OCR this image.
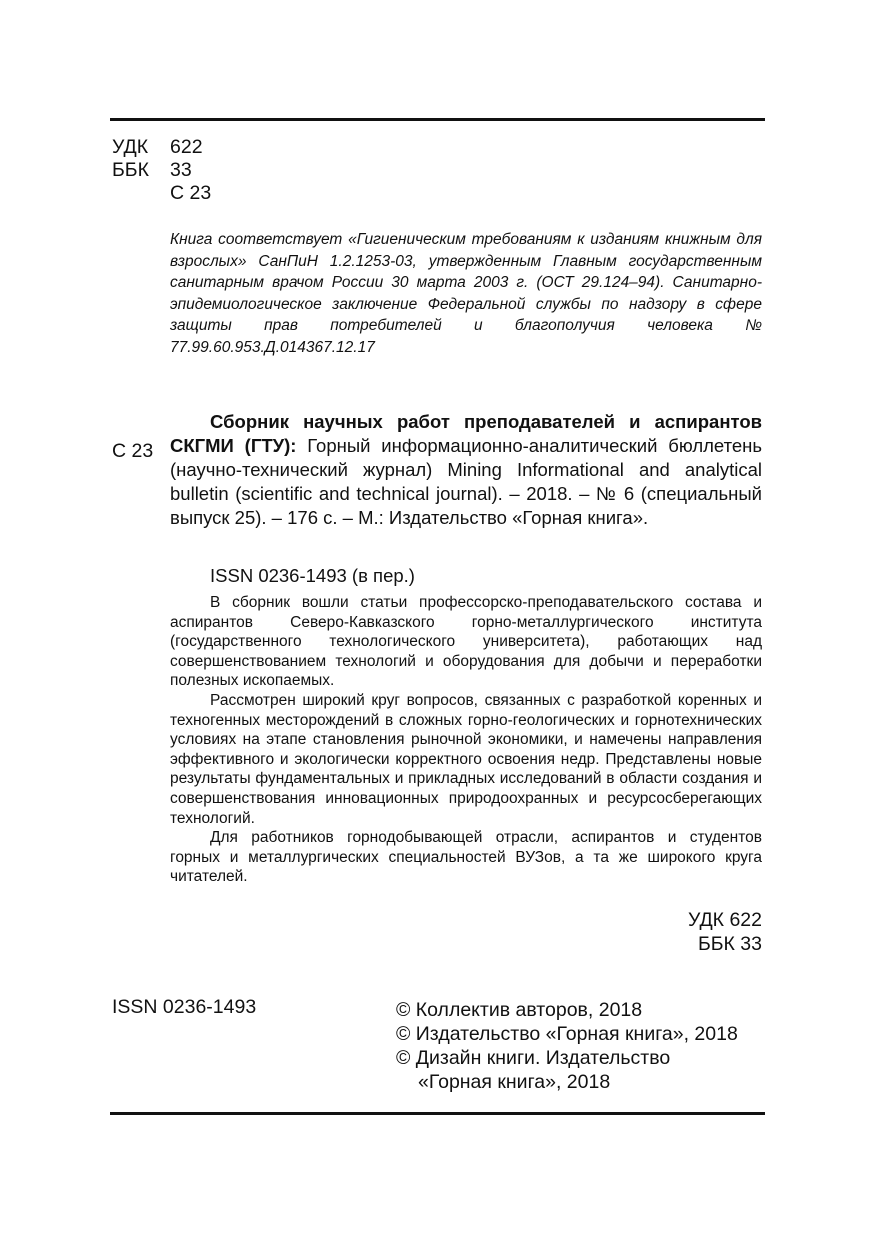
УДК	622
ББК	33
С 23
Книга соответствует «Гигиеническим требованиям к изданиям книжным для взрослых» СанПиН 1.2.1253-03, утвержденным Главным государственным санитарным врачом России 30 марта 2003 г. (ОСТ 29.124–94). Санитарно-эпидемиологическое заключение Федеральной службы по надзору в сфере защиты прав потребителей и благополучия человека № 77.99.60.953.Д.014367.12.17
С 23
Сборник научных работ преподавателей и аспирантов СКГМИ (ГТУ): Горный информационно-аналитический бюллетень (научно-технический журнал) Mining Informational and analytical bulletin (scientific and technical journal). – 2018. – № 6 (специальный выпуск 25). – 176 с. – М.: Издательство «Горная книга».
ISSN 0236-1493 (в пер.)

В сборник вошли статьи профессорско-преподавательского состава и аспирантов Северо-Кавказского горно-металлургического института (государственного технологического университета), работающих над совершенствованием технологий и оборудования для добычи и переработки полезных ископаемых.

Рассмотрен широкий круг вопросов, связанных с разработкой коренных и техногенных месторождений в сложных горно-геологических и горнотехнических условиях на этапе становления рыночной экономики, и намечены направления эффективного и экологически корректного освоения недр. Представлены новые результаты фундаментальных и прикладных исследований в области создания и совершенствования инновационных природоохранных и ресурсосберегающих технологий.

Для работников горнодобывающей отрасли, аспирантов и студентов горных и металлургических специальностей ВУЗов, а та же широкого круга читателей.

УДК 622
ББК 33
ISSN 0236-1493	© Коллектив авторов, 2018
© Издательство «Горная книга», 2018
© Дизайн книги. Издательство
«Горная книга», 2018
